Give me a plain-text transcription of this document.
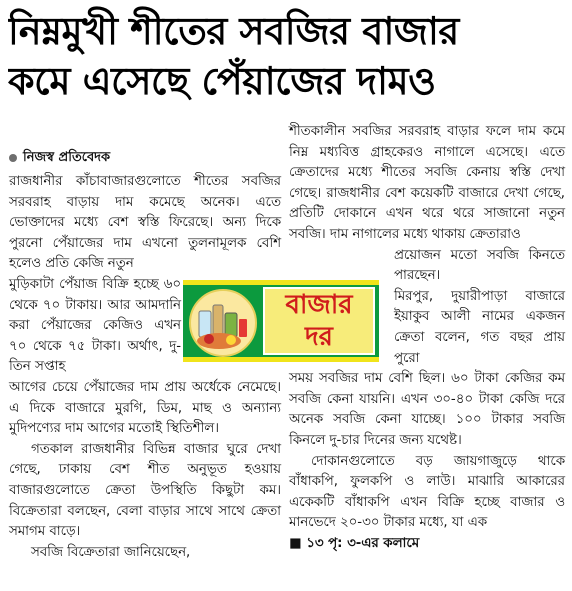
নিম্নমুখী শীতের সবজির বাজার
কমে এসেছে পেঁয়াজের দামও
নিজস্ব প্রতিবেদক

রাজধানীর কাঁচাবাজারগুলোতে শীতের সবজির সরবরাহ বাড়ায় দাম কমেছে অনেক। এতে ভোক্তাদের মধ্যে বেশ স্বস্তি ফিরেছে। অন্য দিকে পুরনো পেঁয়াজের দাম এখনো তুলনামূলক বেশি হলেও প্রতি কেজি নতুন

মুড়িকাটা পেঁয়াজ বিক্রি হচ্ছে ৬০ থেকে ৭০ টাকায়। আর আমদানি করা পেঁয়াজের কেজিও এখন ৭০ থেকে ৭৫ টাকা। অর্থাৎ, দু-তিন সপ্তাহ

আগের চেয়ে পেঁয়াজের দাম প্রায় অর্ধেকে নেমেছে। এ দিকে বাজারে মুরগি, ডিম, মাছ ও অন্যান্য মুদিপণ্যের দাম আগের মতোই স্থিতিশীল।

গতকাল রাজধানীর বিভিন্ন বাজার ঘুরে দেখা গেছে, ঢাকায় বেশ শীত অনুভূত হওয়ায় বাজারগুলোতে ক্রেতা উপস্থিতি কিছুটা কম। বিক্রেতারা বলছেন, বেলা বাড়ার সাথে সাথে ক্রেতা সমাগম বাড়ে।

সবজি বিক্রেতারা জানিয়েছেন,

শীতকালীন সবজির সরবরাহ বাড়ার ফলে দাম কমে নিম্ন মধ্যবিত্ত গ্রাহকেরও নাগালে এসেছে। এতে ক্রেতাদের মধ্যে শীতের সবজি কেনায় স্বস্তি দেখা গেছে। রাজধানীর বেশ কয়েকটি বাজারে দেখা গেছে, প্রতিটি দোকানে এখন থরে থরে সাজানো নতুন সবজি। দাম নাগালের মধ্যে থাকায় ক্রেতারাও

প্রয়োজন মতো সবজি কিনতে পারছেন।

মিরপুর, দুয়ারীপাড়া বাজারে ইয়াকুব আলী নামের একজন ক্রেতা বলেন, গত বছর প্রায় পুরো

সময় সবজির দাম বেশি ছিল। ৬০ টাকা কেজির কম সবজি কেনা যায়নি। এখন ৩০-৪০ টাকা কেজি দরে অনেক সবজি কেনা যাচ্ছে। ১০০ টাকার সবজি কিনলে দু-চার দিনের জন্য যথেষ্ট।

দোকানগুলোতে বড় জায়গাজুড়ে থাকে বাঁধাকপি, ফুলকপি ও লাউ। মাঝারি আকারের একেকটি বাঁধাকপি এখন বিক্রি হচ্ছে বাজার ও মানভেদে ২০-৩০ টাকার মধ্যে, যা এক

■ ১৩ পৃ: ৩-এর কলামে

বাজার
দর
